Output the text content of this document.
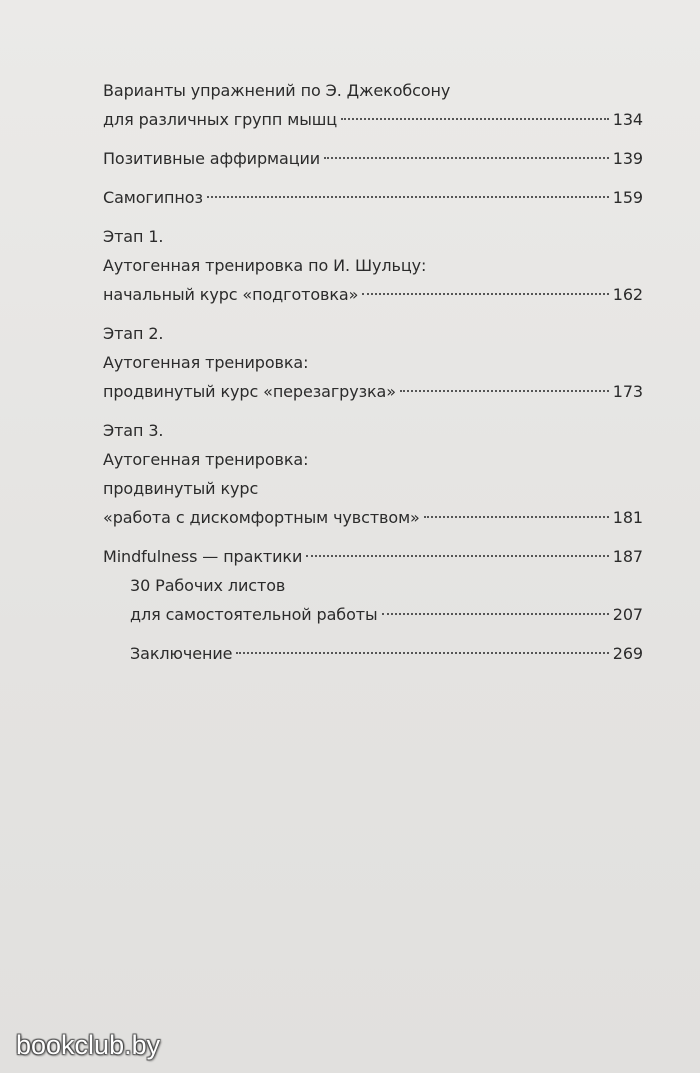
Варианты упражнений по Э. Джекобсону
для различных групп мышц	134
Позитивные аффирмации	139
Самогипноз	159
Этап 1.
Аутогенная тренировка по И. Шульцу:
начальный курс «подготовка»	162
Этап 2.
Аутогенная тренировка:
продвинутый курс «перезагрузка»	173
Этап 3.
Аутогенная тренировка:
продвинутый курс
«работа с дискомфортным чувством»	181
Mindfulness — практики	187
30 Рабочих листов
для самостоятельной работы	207
Заключение	269
bookclub.by
